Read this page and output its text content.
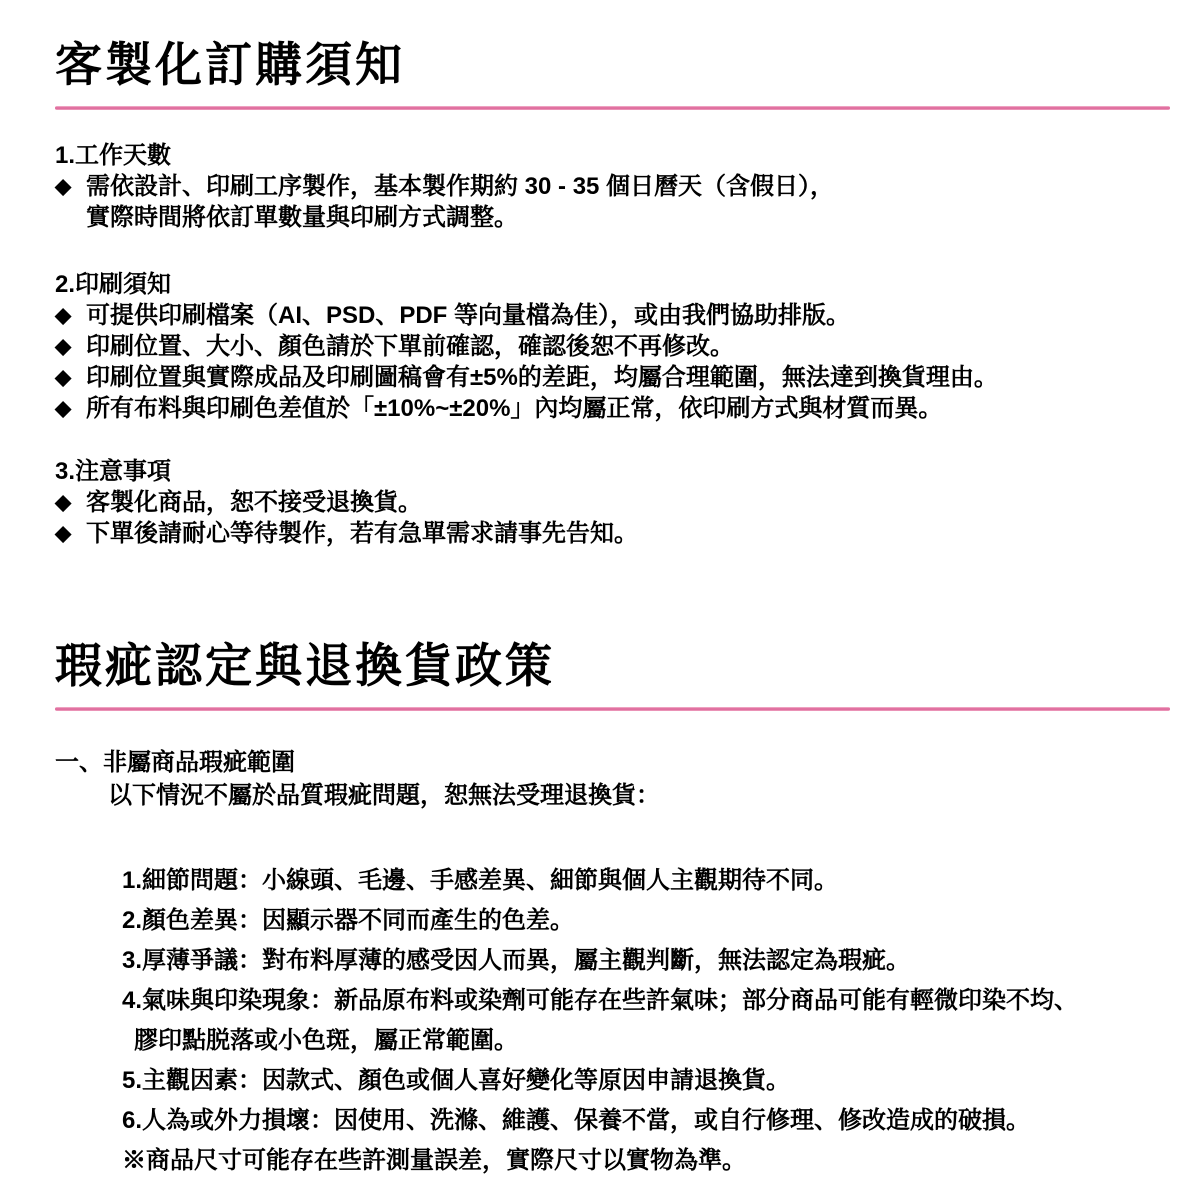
客製化訂購須知
1.工作天數
◆ 需依設計、印刷工序製作，基本製作期約 30 - 35 個日曆天（含假日），
實際時間將依訂單數量與印刷方式調整。
2.印刷須知
◆ 可提供印刷檔案（AI、PSD、PDF 等向量檔為佳），或由我們協助排版。
◆ 印刷位置、大小、顏色請於下單前確認，確認後恕不再修改。
◆ 印刷位置與實際成品及印刷圖稿會有±5%的差距，均屬合理範圍，無法達到換貨理由。
◆ 所有布料與印刷色差值於「±10%~±20%」內均屬正常，依印刷方式與材質而異。
3.注意事項
◆ 客製化商品，恕不接受退換貨。
◆ 下單後請耐心等待製作，若有急單需求請事先告知。
瑕疵認定與退換貨政策
一、非屬商品瑕疵範圍
以下情況不屬於品質瑕疵問題，恕無法受理退換貨：
1.細節問題：小線頭、毛邊、手感差異、細節與個人主觀期待不同。
2.顏色差異：因顯示器不同而產生的色差。
3.厚薄爭議：對布料厚薄的感受因人而異，屬主觀判斷，無法認定為瑕疵。
4.氣味與印染現象：新品原布料或染劑可能存在些許氣味；部分商品可能有輕微印染不均、
膠印點脱落或小色斑，屬正常範圍。
5.主觀因素：因款式、顏色或個人喜好變化等原因申請退換貨。
6.人為或外力損壞：因使用、洗滌、維護、保養不當，或自行修理、修改造成的破損。
※商品尺寸可能存在些許測量誤差，實際尺寸以實物為準。
